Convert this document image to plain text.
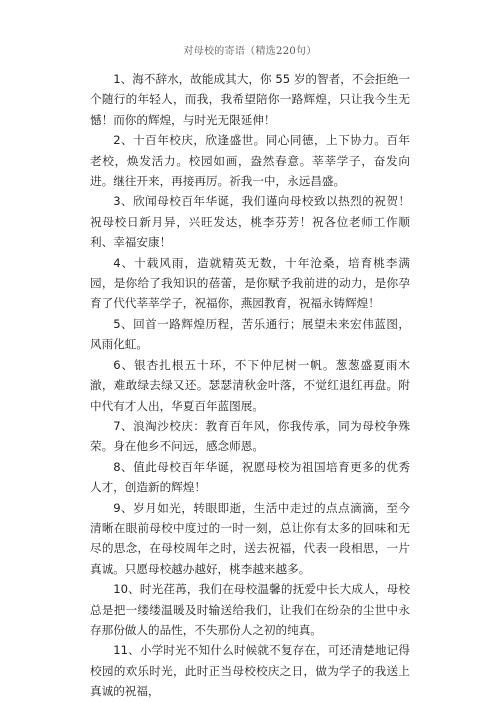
对母校的寄语（精选220句）

1、海不辞水，故能成其大，你 55 岁的智者，不会拒绝一个随行的年轻人，而我，我希望陪你一路辉煌，只让我今生无憾！而你的辉煌，与时光无限延伸！

2、十百年校庆，欣逢盛世。同心同德，上下协力。百年老校，焕发活力。校园如画，盎然春意。莘莘学子，奋发向进。继往开来，再接再厉。祈我一中，永远昌盛。

3、欣闻母校百年华诞，我们谨向母校致以热烈的祝贺！祝母校日新月异，兴旺发达，桃李芬芳！祝各位老师工作顺利、幸福安康！

4、十载风雨，造就精英无数，十年沧桑，培育桃李满园，是你给了我知识的蓓蕾，是你赋予我前进的动力，是你孕育了代代莘莘学子，祝福你，燕园教育，祝福永铸辉煌！

5、回首一路辉煌历程，苦乐通行；展望未来宏伟蓝图，风雨化虹。

6、银杏扎根五十环，不下仲尼树一帆。葱葱盛夏雨木澈，难敢绿去绿又还。瑟瑟清秋金叶落，不觉红退红再盘。附中代有才人出，华夏百年蓝图展。

7、浪淘沙校庆：教育百年风，你我传承，同为母校争殊荣。身在他乡不问远，感念师恩。

8、值此母校百年华诞，祝愿母校为祖国培育更多的优秀人才，创造新的辉煌！

9、岁月如光，转眼即逝，生活中走过的点点滴滴，至今清晰在眼前母校中度过的一时一刻，总让你有太多的回味和无尽的思念，在母校周年之时，送去祝福，代表一段相思，一片真诚。只愿母校越办越好，桃李越来越多。

10、时光荏苒，我们在母校温馨的抚爱中长大成人，母校总是把一缕缕温暖及时输送给我们，让我们在纷杂的尘世中永存那份做人的品性，不失那份人之初的纯真。

11、小学时光不知什么时候就不复存在，可还清楚地记得校园的欢乐时光，此时正当母校校庆之日，做为学子的我送上真诚的祝福，
